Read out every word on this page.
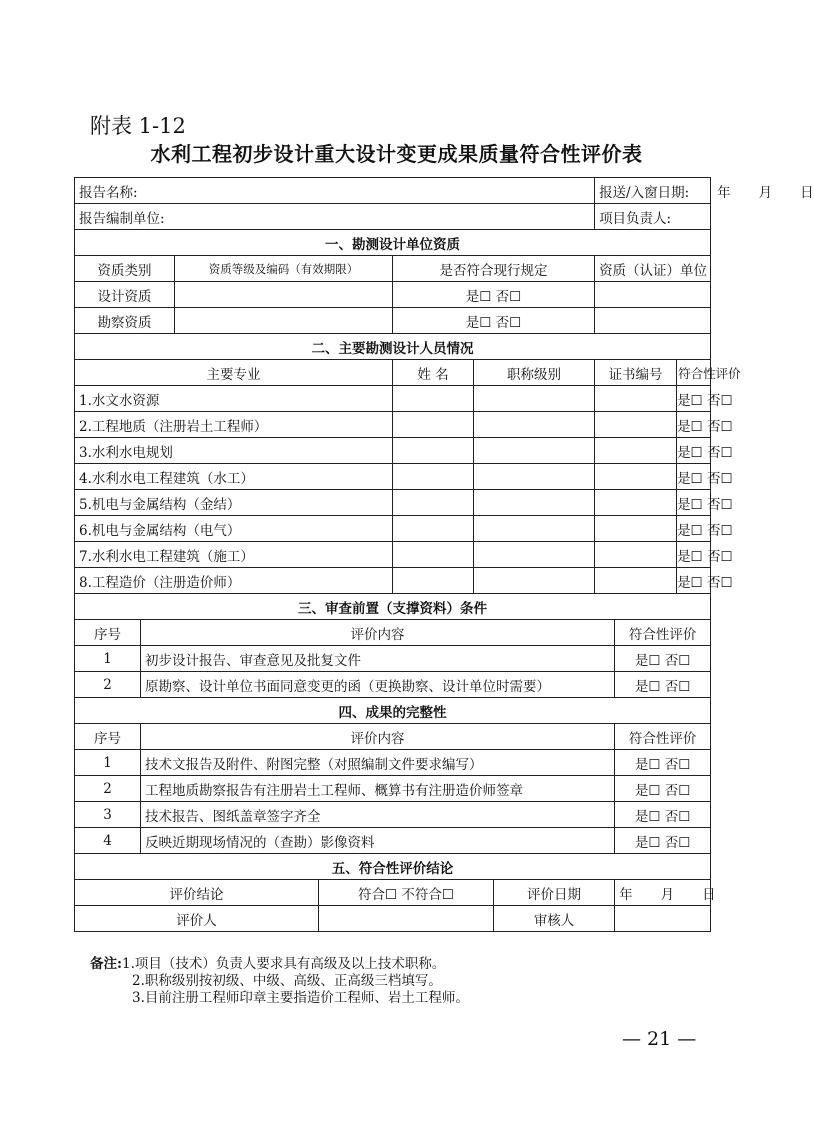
附表 1-12
水利工程初步设计重大设计变更成果质量符合性评价表
报告名称:							报送/入窗日期: 年 月 日		
报告编制单位:							项目负责人:		
一、勘测设计单位资质									
资质类别		资质等级及编码（有效期限）		是否符合现行规定			资质（认证）单位		
设计资质				是☐ 否☐					
勘察资质				是☐ 否☐					
二、主要勘测设计人员情况									
主要专业				姓 名	职称级别		证书编号		符合性评价
1.水文水资源									是☐ 否☐
2.工程地质（注册岩土工程师）									是☐ 否☐
3.水利水电规划									是☐ 否☐
4.水利水电工程建筑（水工）									是☐ 否☐
5.机电与金属结构（金结）									是☐ 否☐
6.机电与金属结构（电气）									是☐ 否☐
7.水利水电工程建筑（施工）									是☐ 否☐
8.工程造价（注册造价师）									是☐ 否☐
三、审查前置（支撑资料）条件									
序号	评价内容							符合性评价	
1	初步设计报告、审查意见及批复文件							是☐ 否☐	
2	原勘察、设计单位书面同意变更的函（更换勘察、设计单位时需要）							是☐ 否☐	
四、成果的完整性									
序号	评价内容							符合性评价	
1	技术文报告及附件、附图完整（对照编制文件要求编写）							是☐ 否☐	
2	工程地质勘察报告有注册岩土工程师、概算书有注册造价师签章							是☐ 否☐	
3	技术报告、图纸盖章签字齐全							是☐ 否☐	
4	反映近期现场情况的（查勘）影像资料							是☐ 否☐	
五、符合性评价结论									
评价结论			符合☐ 不符合☐			评价日期		年 月 日	
评价人						审核人			
备注:1.项目（技术）负责人要求具有高级及以上技术职称。
2.职称级别按初级、中级、高级、正高级三档填写。
3.目前注册工程师印章主要指造价工程师、岩土工程师。
— 21 —
